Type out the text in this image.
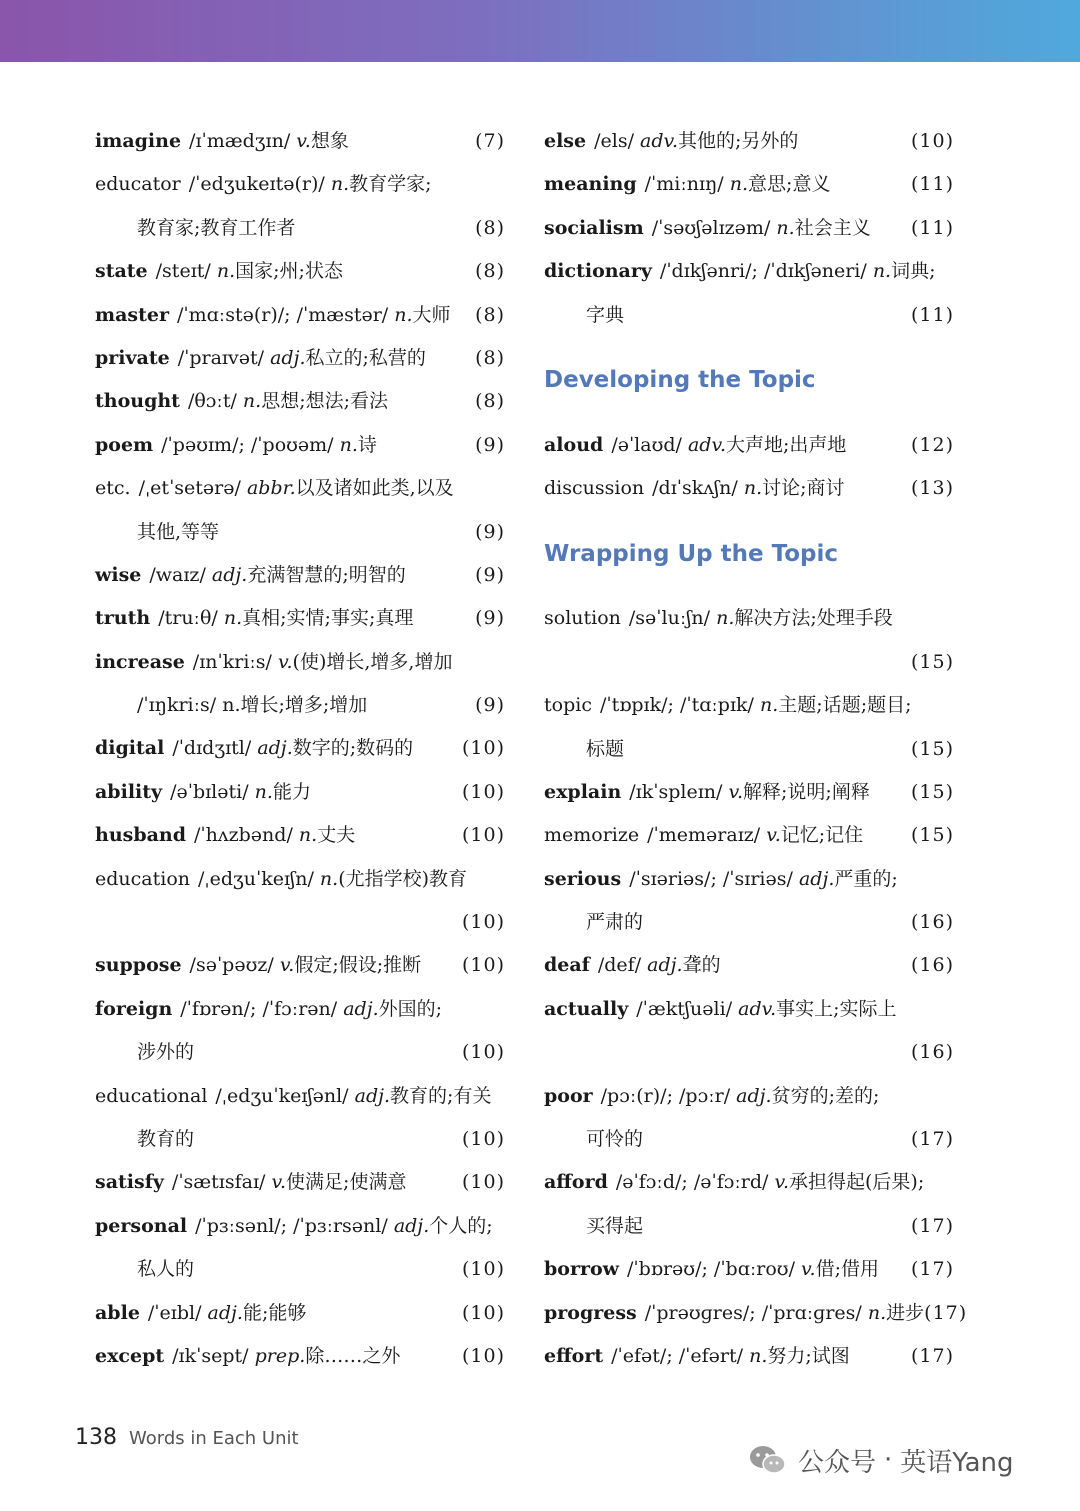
imagine /ɪˈmædʒɪn/ v.想象	(7)
educator /ˈedʒukeɪtə(r)/ n.教育学家;
教育家;教育工作者	(8)
state /steɪt/ n.国家;州;状态	(8)
master /ˈmɑːstə(r)/; /ˈmæstər/ n.大师	(8)
private /ˈpraɪvət/ adj.私立的;私营的	(8)
thought /θɔːt/ n.思想;想法;看法	(8)
poem /ˈpəʊɪm/; /ˈpoʊəm/ n.诗	(9)
etc. /ˌetˈsetərə/ abbr.以及诸如此类,以及
其他,等等	(9)
wise /waɪz/ adj.充满智慧的;明智的	(9)
truth /truːθ/ n.真相;实情;事实;真理	(9)
increase /ɪnˈkriːs/ v.(使)增长,增多,增加
/ˈɪŋkriːs/ n.增长;增多;增加	(9)
digital /ˈdɪdʒɪtl/ adj.数字的;数码的	(10)
ability /əˈbɪləti/ n.能力	(10)
husband /ˈhʌzbənd/ n.丈夫	(10)
education /ˌedʒuˈkeɪʃn/ n.(尤指学校)教育
(10)
suppose /səˈpəʊz/ v.假定;假设;推断	(10)
foreign /ˈfɒrən/; /ˈfɔːrən/ adj.外国的;
涉外的	(10)
educational /ˌedʒuˈkeɪʃənl/ adj.教育的;有关
教育的	(10)
satisfy /ˈsætɪsfaɪ/ v.使满足;使满意	(10)
personal /ˈpɜːsənl/; /ˈpɜːrsənl/ adj.个人的;
私人的	(10)
able /ˈeɪbl/ adj.能;能够	(10)
except /ɪkˈsept/ prep.除……之外	(10)
else /els/ adv.其他的;另外的	(10)
meaning /ˈmiːnɪŋ/ n.意思;意义	(11)
socialism /ˈsəʊʃəlɪzəm/ n.社会主义	(11)
dictionary /ˈdɪkʃənri/; /ˈdɪkʃəneri/ n.词典;
字典	(11)
Developing the Topic
aloud /əˈlaʊd/ adv.大声地;出声地	(12)
discussion /dɪˈskʌʃn/ n.讨论;商讨	(13)
Wrapping Up the Topic
solution /səˈluːʃn/ n.解决方法;处理手段
(15)
topic /ˈtɒpɪk/; /ˈtɑːpɪk/ n.主题;话题;题目;
标题	(15)
explain /ɪkˈspleɪn/ v.解释;说明;阐释	(15)
memorize /ˈmeməraɪz/ v.记忆;记住	(15)
serious /ˈsɪəriəs/; /ˈsɪriəs/ adj.严重的;
严肃的	(16)
deaf /def/ adj.聋的	(16)
actually /ˈæktʃuəli/ adv.事实上;实际上
(16)
poor /pɔː(r)/; /pɔːr/ adj.贫穷的;差的;
可怜的	(17)
afford /əˈfɔːd/; /əˈfɔːrd/ v.承担得起(后果);
买得起	(17)
borrow /ˈbɒrəʊ/; /ˈbɑːroʊ/ v.借;借用	(17)
progress /ˈprəʊɡres/; /ˈprɑːɡres/ n.进步 (17)
effort /ˈefət/; /ˈefərt/ n.努力;试图	(17)
138 Words in Each Unit
公众号 · 英语Yang
